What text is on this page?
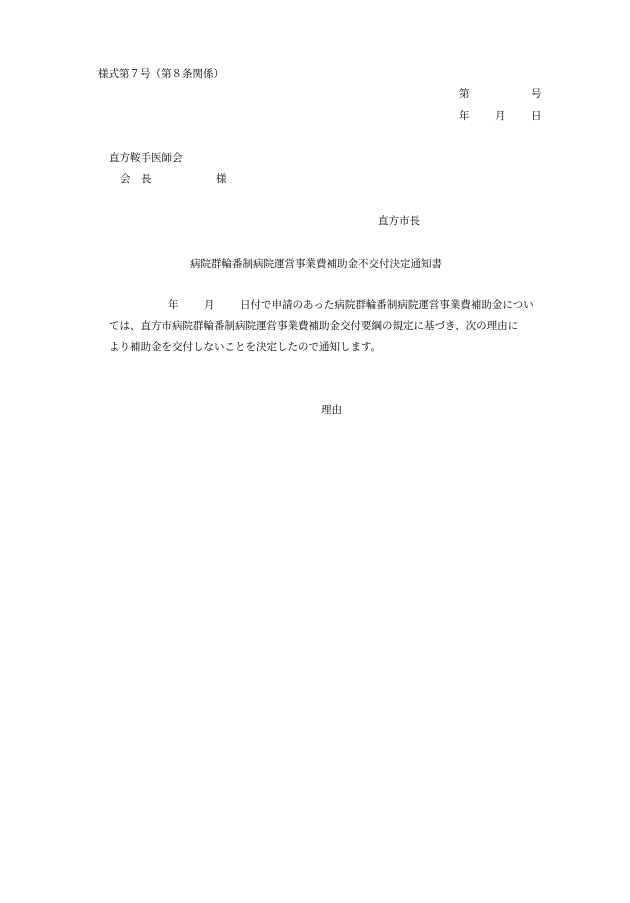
様式第７号（第８条関係）
第	号
年 月 日
直方鞍手医師会
会　長	様
直方市長
病院群輪番制病院運営事業費補助金不交付決定通知書
年 月 日付で申請のあった病院群輪番制病院運営事業費補助金につい
ては、直方市病院群輪番制病院運営事業費補助金交付要綱の規定に基づき、次の理由に
より補助金を交付しないことを決定したので通知します。
理由
